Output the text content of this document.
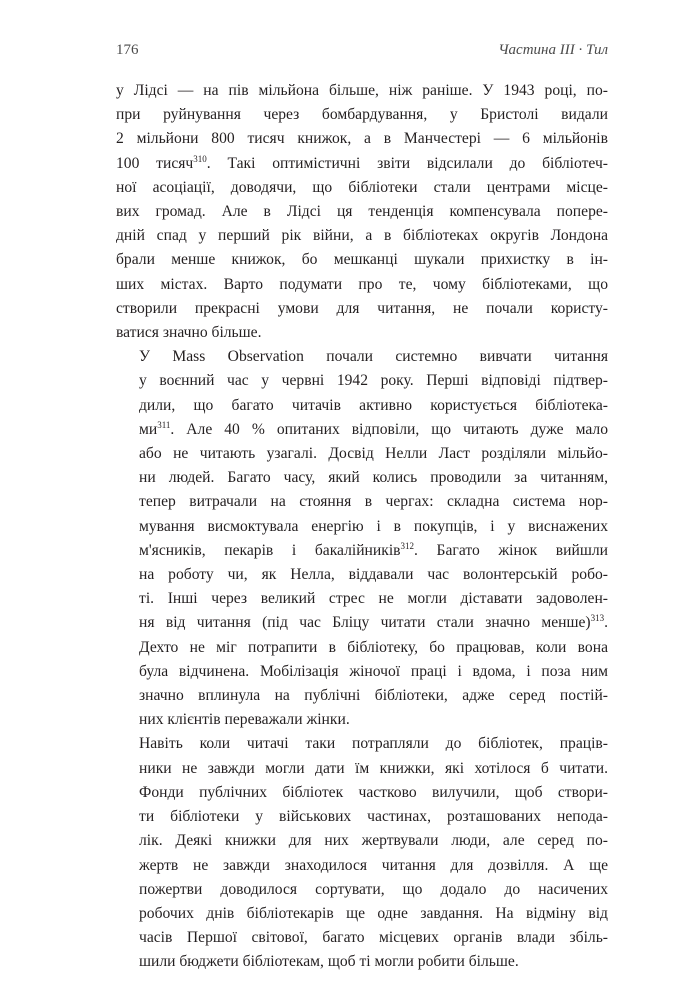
176	Частина III · Тил
у Лідсі — на пів мільйона більше, ніж раніше. У 1943 році, по-
при руйнування через бомбардування, у Бристолі видали
2 мільйони 800 тисяч книжок, а в Манчестері — 6 мільйонів
100 тисяч$^{310}$. Такі оптимістичні звіти відсилали до бібліотеч-
ної асоціації, доводячи, що бібліотеки стали центрами місце-
вих громад. Але в Лідсі ця тенденція компенсувала попере-
дній спад у перший рік війни, а в бібліотеках округів Лондона
брали менше книжок, бо мешканці шукали прихистку в ін-
ших містах. Варто подумати про те, чому бібліотеками, що
створили прекрасні умови для читання, не почали користу-
ватися значно більше.
У Mass Observation почали системно вивчати читання
у воєнний час у червні 1942 року. Перші відповіді підтвер-
дили, що багато читачів активно користується бібліотека-
$ми^{311}$. Але 40 % опитаних відповіли, що читають дуже мало
або не читають узагалі. Досвід Нелли Ласт розділяли мільйо-
ни людей. Багато часу, який колись проводили за читанням,
тепер витрачали на стояння в чергах: складна система нор-
мування висмоктувала енергію і в покупців, і у виснажених
м'ясників, пекарів і бакалійників$^{312}$. Багато жінок вийшли
на роботу чи, як Нелла, віддавали час волонтерській робо-
ті. Інші через великий стрес не могли діставати задоволен-
ня від читання (під час Бліцу читати стали значно менше)$^{313}$.
Дехто не міг потрапити в бібліотеку, бо працював, коли вона
була відчинена. Мобілізація жіночої праці і вдома, і поза ним
значно вплинула на публічні бібліотеки, адже серед постій-
них клієнтів переважали жінки.
Навіть коли читачі таки потрапляли до бібліотек, праців-
ники не завжди могли дати їм книжки, які хотілося б читати.
Фонди публічних бібліотек частково вилучили, щоб створи-
ти бібліотеки у військових частинах, розташованих непода-
лік. Деякі книжки для них жертвували люди, але серед по-
жертв не завжди знаходилося читання для дозвілля. А ще
пожертви доводилося сортувати, що додало до насичених
робочих днів бібліотекарів ще одне завдання. На відміну від
часів Першої світової, багато місцевих органів влади збіль-
шили бюджети бібліотекам, щоб ті могли робити більше.
